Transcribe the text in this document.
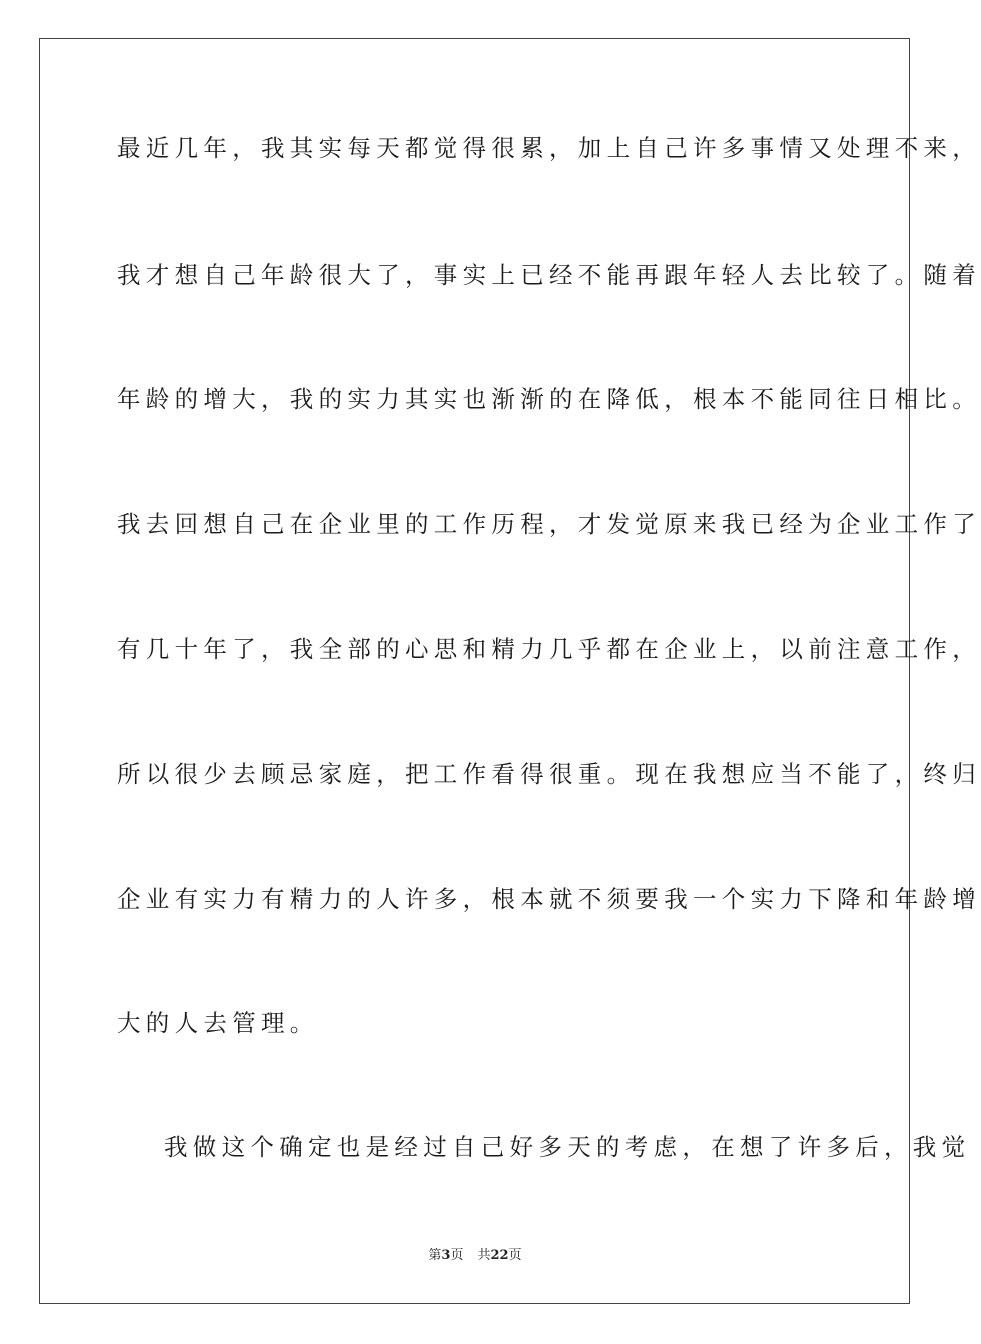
最近几年，我其实每天都觉得很累，加上自己许多事情又处理不来，
我才想自己年龄很大了，事实上已经不能再跟年轻人去比较了。随着
年龄的增大，我的实力其实也渐渐的在降低，根本不能同往日相比。
我去回想自己在企业里的工作历程，才发觉原来我已经为企业工作了
有几十年了，我全部的心思和精力几乎都在企业上，以前注意工作，
所以很少去顾忌家庭，把工作看得很重。现在我想应当不能了，终归
企业有实力有精力的人许多，根本就不须要我一个实力下降和年龄增
大的人去管理。
我做这个确定也是经过自己好多天的考虑，在想了许多后，我觉
第3页 共22页
